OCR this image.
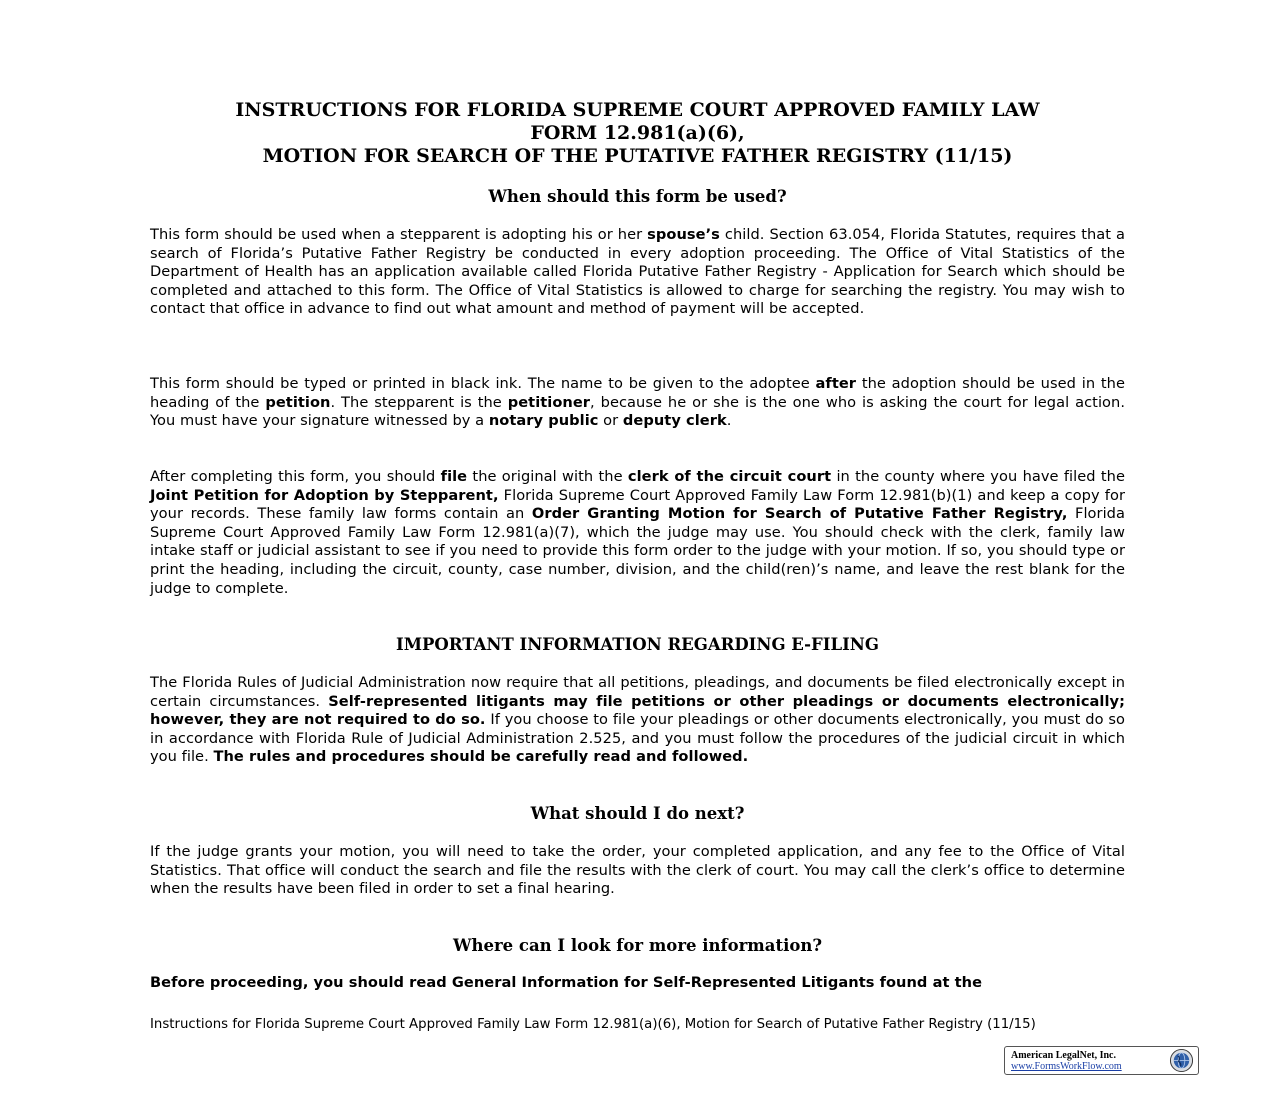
INSTRUCTIONS FOR FLORIDA SUPREME COURT APPROVED FAMILY LAW
FORM 12.981(a)(6),
MOTION FOR SEARCH OF THE PUTATIVE FATHER REGISTRY (11/15)
When should this form be used?

This form should be used when a stepparent is adopting his or her spouse’s child. Section 63.054, Florida Statutes, requires that a search of Florida’s Putative Father Registry be conducted in every adoption proceeding. The Office of Vital Statistics of the Department of Health has an application available called Florida Putative Father Registry - Application for Search which should be completed and attached to this form. The Office of Vital Statistics is allowed to charge for searching the registry. You may wish to contact that office in advance to find out what amount and method of payment will be accepted.

This form should be typed or printed in black ink. The name to be given to the adoptee after the adoption should be used in the heading of the petition. The stepparent is the petitioner, because he or she is the one who is asking the court for legal action. You must have your signature witnessed by a notary public or deputy clerk.

After completing this form, you should file the original with the clerk of the circuit court in the county where you have filed the Joint Petition for Adoption by Stepparent, Florida Supreme Court Approved Family Law Form 12.981(b)(1) and keep a copy for your records. These family law forms contain an Order Granting Motion for Search of Putative Father Registry, Florida Supreme Court Approved Family Law Form 12.981(a)(7), which the judge may use. You should check with the clerk, family law intake staff or judicial assistant to see if you need to provide this form order to the judge with your motion. If so, you should type or print the heading, including the circuit, county, case number, division, and the child(ren)’s name, and leave the rest blank for the judge to complete.

IMPORTANT INFORMATION REGARDING E-FILING

The Florida Rules of Judicial Administration now require that all petitions, pleadings, and documents be filed electronically except in certain circumstances. Self-represented litigants may file petitions or other pleadings or documents electronically; however, they are not required to do so. If you choose to file your pleadings or other documents electronically, you must do so in accordance with Florida Rule of Judicial Administration 2.525, and you must follow the procedures of the judicial circuit in which you file. The rules and procedures should be carefully read and followed.

What should I do next?

If the judge grants your motion, you will need to take the order, your completed application, and any fee to the Office of Vital Statistics. That office will conduct the search and file the results with the clerk of court. You may call the clerk’s office to determine when the results have been filed in order to set a final hearing.

Where can I look for more information?

Before proceeding, you should read General Information for Self-Represented Litigants found at the

Instructions for Florida Supreme Court Approved Family Law Form 12.981(a)(6), Motion for Search of Putative Father Registry (11/15)

American LegalNet, Inc.
www.FormsWorkFlow.com
